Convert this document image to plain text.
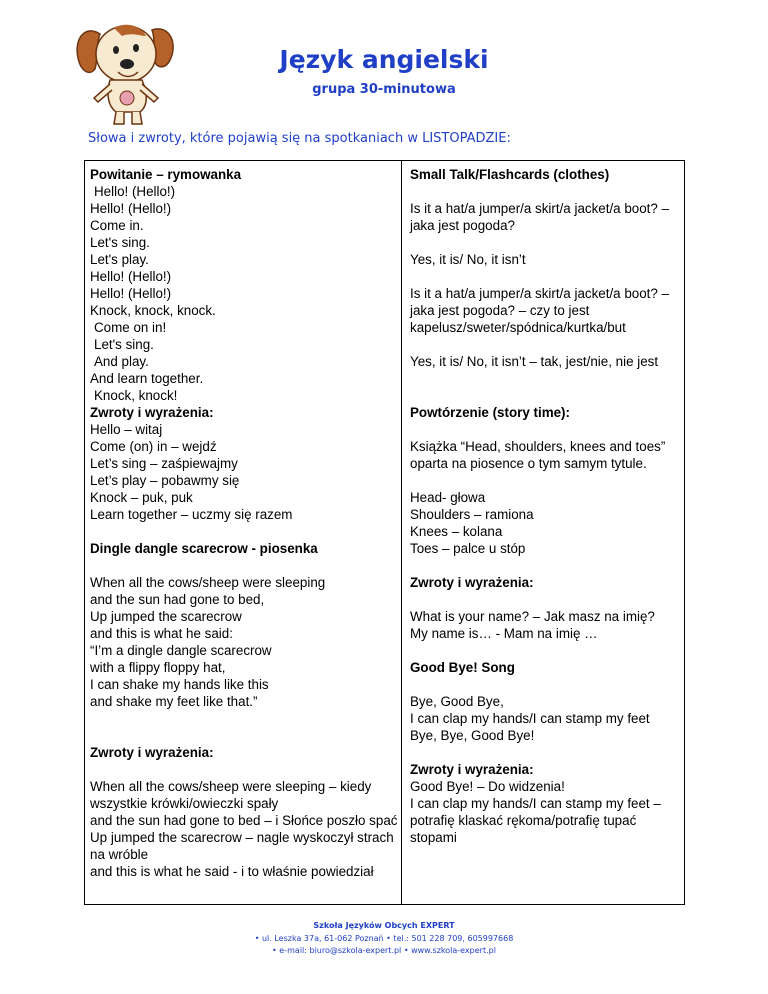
Język angielski
grupa 30-minutowa
Słowa i zwroty, które pojawią się na spotkaniach w LISTOPADZIE:
Powitanie – rymowanka
Hello! (Hello!)
Hello! (Hello!)
Come in.
Let's sing.
Let's play.
Hello! (Hello!)
Hello! (Hello!)
Knock, knock, knock.
Come on in!
Let's sing.
And play.
And learn together.
Knock, knock!
Zwroty i wyrażenia:
Hello – witaj
Come (on) in – wejdź
Let’s sing – zaśpiewajmy
Let’s play – pobawmy się
Knock – puk, puk
Learn together – uczmy się razem
Dingle dangle scarecrow - piosenka
When all the cows/sheep were sleeping
and the sun had gone to bed,
Up jumped the scarecrow
and this is what he said:
“I’m a dingle dangle scarecrow
with a flippy floppy hat,
I can shake my hands like this
and shake my feet like that.”
Zwroty i wyrażenia:
When all the cows/sheep were sleeping – kiedy wszystkie krówki/owieczki spały
and the sun had gone to bed – i Słońce poszło spać
Up jumped the scarecrow – nagle wyskoczył strach na wróble
and this is what he said - i to właśnie powiedział
Small Talk/Flashcards (clothes)
Is it a hat/a jumper/a skirt/a jacket/a boot? – jaka jest pogoda?
Yes, it is/ No, it isn’t
Is it a hat/a jumper/a skirt/a jacket/a boot? – jaka jest pogoda? – czy to jest kapelusz/sweter/spódnica/kurtka/but
Yes, it is/ No, it isn’t – tak, jest/nie, nie jest
Powtórzenie (story time):
Książka “Head, shoulders, knees and toes” oparta na piosence o tym samym tytule.
Head- głowa
Shoulders – ramiona
Knees – kolana
Toes – palce u stóp
Zwroty i wyrażenia:
What is your name? – Jak masz na imię?
My name is… - Mam na imię …
Good Bye! Song
Bye, Good Bye,
I can clap my hands/I can stamp my feet
Bye, Bye, Good Bye!
Zwroty i wyrażenia:
Good Bye! – Do widzenia!
I can clap my hands/I can stamp my feet – potrafię klaskać rękoma/potrafię tupać stopami
Szkoła Języków Obcych EXPERT
• ul. Leszka 37a, 61-062 Poznań • tel.: 501 228 709, 605997668
• e-mail: biuro@szkola-expert.pl • www.szkola-expert.pl
